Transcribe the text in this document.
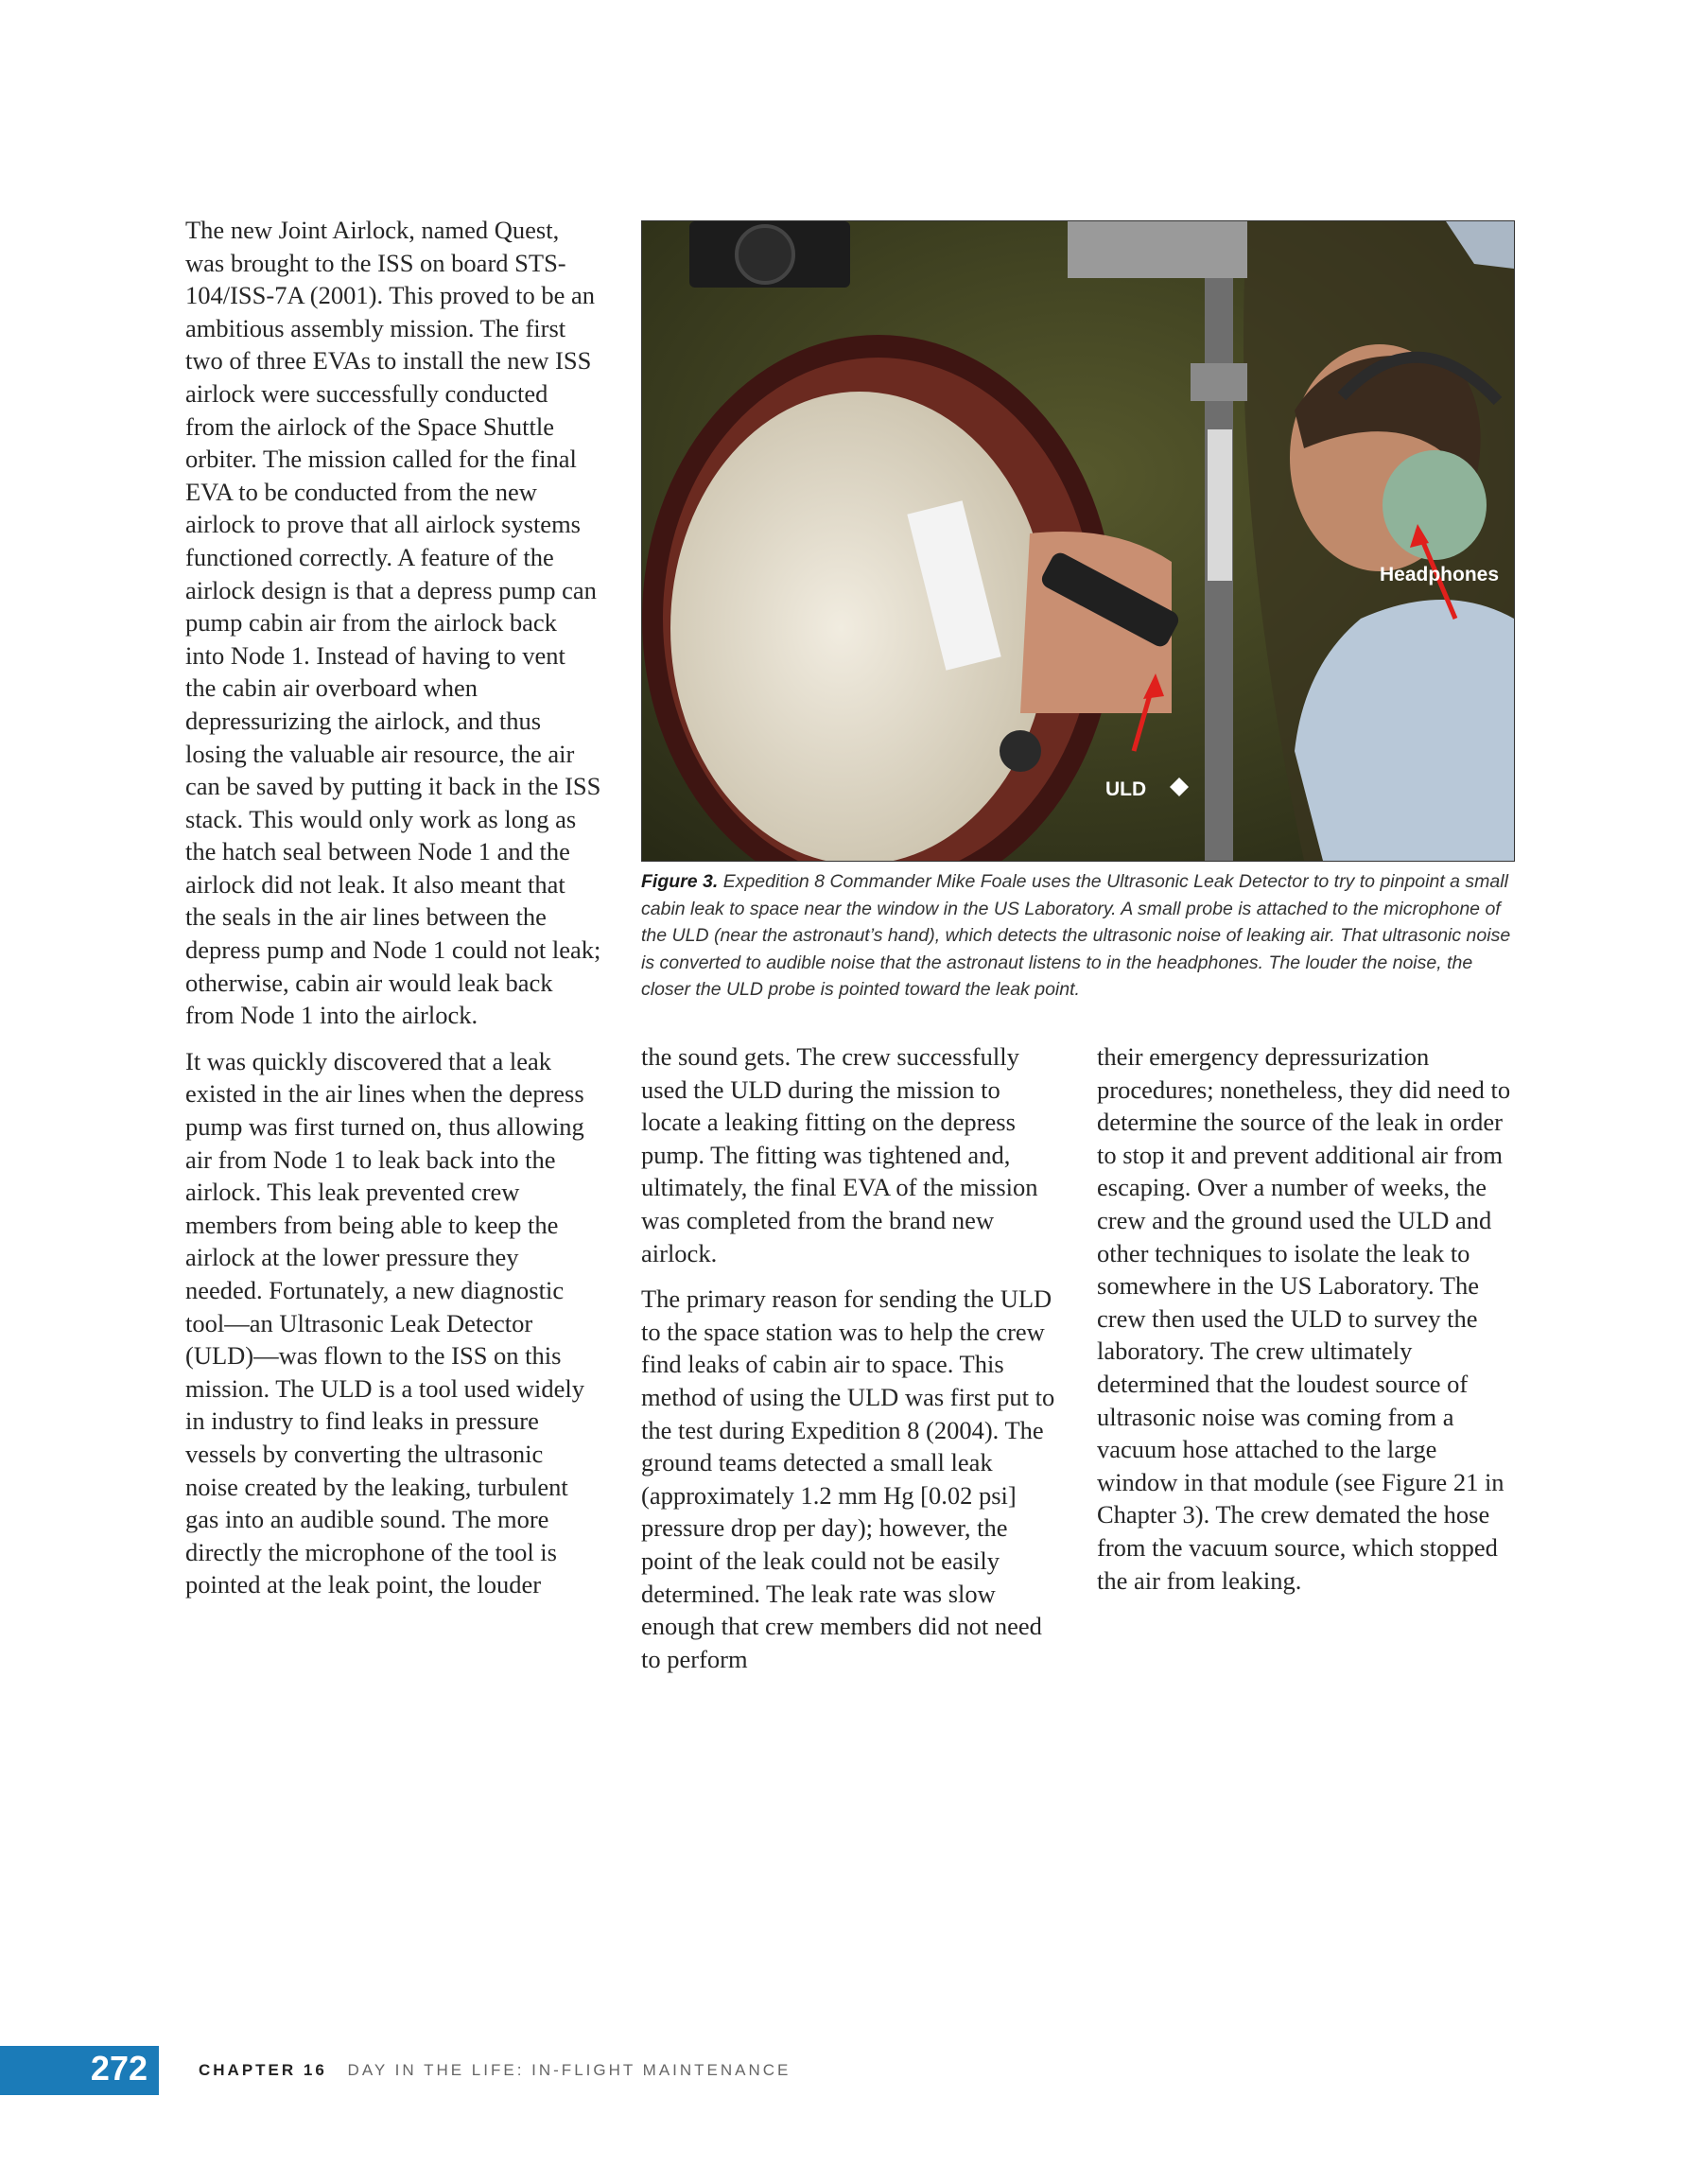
The new Joint Airlock, named Quest, was brought to the ISS on board STS-104/ISS-7A (2001). This proved to be an ambitious assembly mission. The first two of three EVAs to install the new ISS airlock were successfully conducted from the airlock of the Space Shuttle orbiter. The mission called for the final EVA to be conducted from the new airlock to prove that all airlock systems functioned correctly. A feature of the airlock design is that a depress pump can pump cabin air from the airlock back into Node 1. Instead of having to vent the cabin air overboard when depressurizing the airlock, and thus losing the valuable air resource, the air can be saved by putting it back in the ISS stack. This would only work as long as the hatch seal between Node 1 and the airlock did not leak. It also meant that the seals in the air lines between the depress pump and Node 1 could not leak; otherwise, cabin air would leak back from Node 1 into the airlock.

It was quickly discovered that a leak existed in the air lines when the depress pump was first turned on, thus allowing air from Node 1 to leak back into the airlock. This leak prevented crew members from being able to keep the airlock at the lower pressure they needed. Fortunately, a new diagnostic tool—an Ultrasonic Leak Detector (ULD)—was flown to the ISS on this mission. The ULD is a tool used widely in industry to find leaks in pressure vessels by converting the ultrasonic noise created by the leaking, turbulent gas into an audible sound. The more directly the microphone of the tool is pointed at the leak point, the louder

Headphones
ULD
Figure 3. Expedition 8 Commander Mike Foale uses the Ultrasonic Leak Detector to try to pinpoint a small cabin leak to space near the window in the US Laboratory. A small probe is attached to the microphone of the ULD (near the astronaut’s hand), which detects the ultrasonic noise of leaking air. That ultrasonic noise is converted to audible noise that the astronaut listens to in the headphones. The louder the noise, the closer the ULD probe is pointed toward the leak point.

the sound gets. The crew successfully used the ULD during the mission to locate a leaking fitting on the depress pump. The fitting was tightened and, ultimately, the final EVA of the mission was completed from the brand new airlock.

The primary reason for sending the ULD to the space station was to help the crew find leaks of cabin air to space. This method of using the ULD was first put to the test during Expedition 8 (2004). The ground teams detected a small leak (approximately 1.2 mm Hg [0.02 psi] pressure drop per day); however, the point of the leak could not be easily determined. The leak rate was slow enough that crew members did not need to perform

their emergency depressurization procedures; nonetheless, they did need to determine the source of the leak in order to stop it and prevent additional air from escaping. Over a number of weeks, the crew and the ground used the ULD and other techniques to isolate the leak to somewhere in the US Laboratory. The crew then used the ULD to survey the laboratory. The crew ultimately determined that the loudest source of ultrasonic noise was coming from a vacuum hose attached to the large window in that module (see Figure 21 in Chapter 3). The crew demated the hose from the vacuum source, which stopped the air from leaking.

272	CHAPTER 16 DAY IN THE LIFE: IN-FLIGHT MAINTENANCE
